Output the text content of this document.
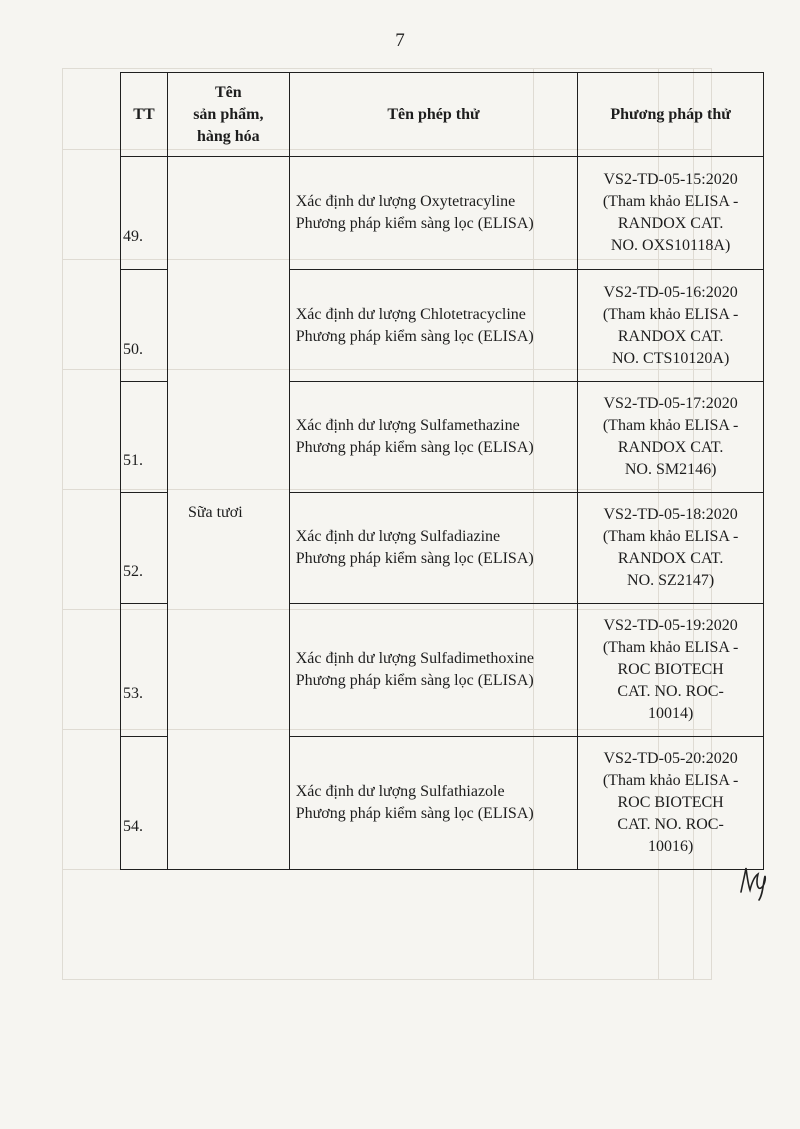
7
TT	Tên
sản phẩm,
hàng hóa	Tên phép thử	Phương pháp thử
49.	Sữa tươi	Xác định dư lượng Oxytetracyline
Phương pháp kiểm sàng lọc (ELISA)	VS2-TD-05-15:2020
(Tham khảo ELISA -
RANDOX CAT.
NO. OXS10118A)

50.		Xác định dư lượng Chlotetracycline
Phương pháp kiểm sàng lọc (ELISA)	VS2-TD-05-16:2020
(Tham khảo ELISA -
RANDOX CAT.
NO. CTS10120A)

51.		Xác định dư lượng Sulfamethazine
Phương pháp kiểm sàng lọc (ELISA)	VS2-TD-05-17:2020
(Tham khảo ELISA -
RANDOX CAT.
NO. SM2146)

52.		Xác định dư lượng Sulfadiazine
Phương pháp kiểm sàng lọc (ELISA)	VS2-TD-05-18:2020
(Tham khảo ELISA -
RANDOX CAT.
NO. SZ2147)

53.		Xác định dư lượng Sulfadimethoxine
Phương pháp kiểm sàng lọc (ELISA)	VS2-TD-05-19:2020
(Tham khảo ELISA -
ROC BIOTECH
CAT. NO. ROC-
10014)

54.		Xác định dư lượng Sulfathiazole
Phương pháp kiểm sàng lọc (ELISA)	VS2-TD-05-20:2020
(Tham khảo ELISA -
ROC BIOTECH
CAT. NO. ROC-
10016)
